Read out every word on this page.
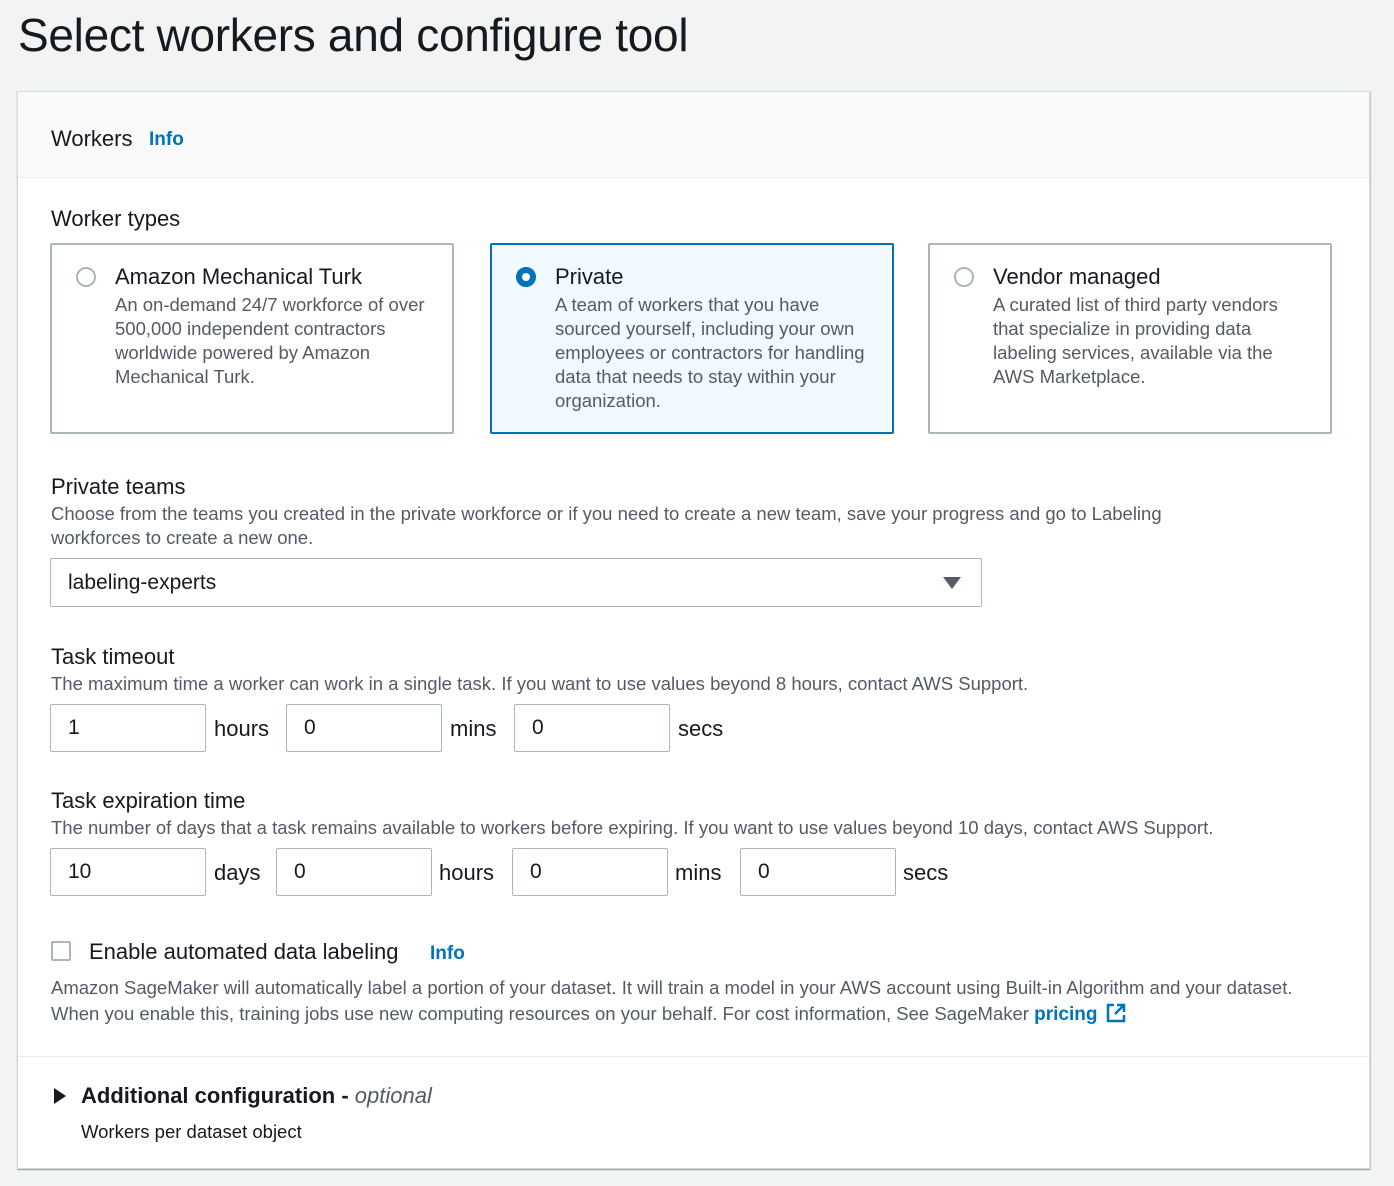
Select workers and configure tool
Workers Info
Worker types
Amazon Mechanical Turk
An on-demand 24/7 workforce of over 500,000 independent contractors worldwide powered by Amazon Mechanical Turk.
Private
A team of workers that you have sourced yourself, including your own employees or contractors for handling data that needs to stay within your organization.
Vendor managed
A curated list of third party vendors that specialize in providing data labeling services, available via the AWS Marketplace.
Private teams
Choose from the teams you created in the private workforce or if you need to create a new team, save your progress and go to Labeling workforces to create a new one.
labeling-experts
Task timeout
The maximum time a worker can work in a single task. If you want to use values beyond 8 hours, contact AWS Support.
1	hours	0	mins	0	secs
Task expiration time
The number of days that a task remains available to workers before expiring. If you want to use values beyond 10 days, contact AWS Support.
10	days	0	hours	0	mins	0	secs
Enable automated data labeling Info
Amazon SageMaker will automatically label a portion of your dataset. It will train a model in your AWS account using Built-in Algorithm and your dataset. When you enable this, training jobs use new computing resources on your behalf. For cost information, See SageMaker pricing
Additional configuration - optional
Workers per dataset object
